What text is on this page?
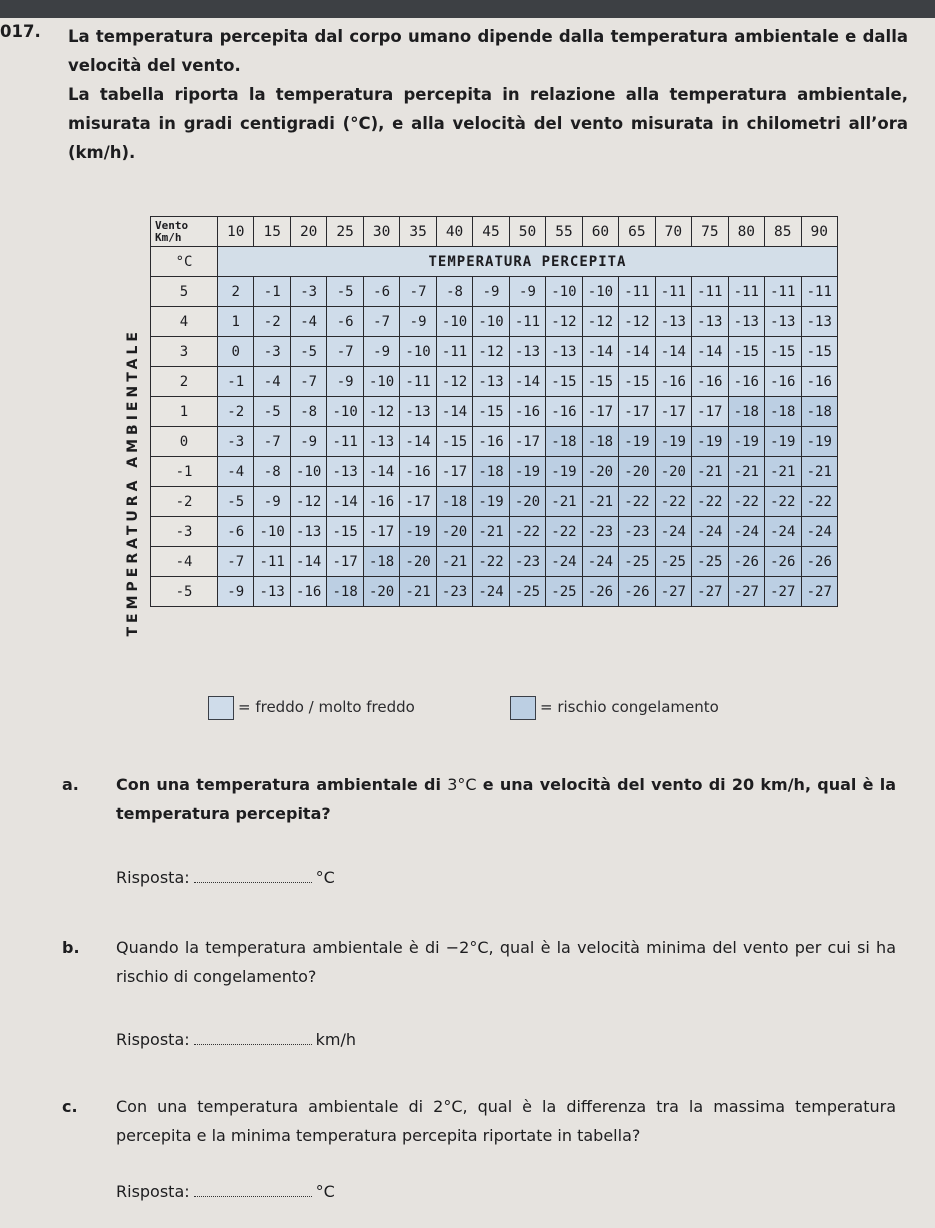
017. La temperatura percepita dal corpo umano dipende dalla temperatura ambientale e dalla velocità del vento.

La tabella riporta la temperatura percepita in relazione alla temperatura ambientale, misurata in gradi centigradi (°C), e alla velocità del vento misurata in chilometri all’ora (km/h).

TEMPERATURA AMBIENTALE
Vento Km/h	10	15	20	25	30	35	40	45	50	55	60	65	70	75	80	85	90
°C	TEMPERATURA PERCEPITA																
5	2	-1	-3	-5	-6	-7	-8	-9	-9	-10	-10	-11	-11	-11	-11	-11	-11
4	1	-2	-4	-6	-7	-9	-10	-10	-11	-12	-12	-12	-13	-13	-13	-13	-13
3	0	-3	-5	-7	-9	-10	-11	-12	-13	-13	-14	-14	-14	-14	-15	-15	-15
2	-1	-4	-7	-9	-10	-11	-12	-13	-14	-15	-15	-15	-16	-16	-16	-16	-16
1	-2	-5	-8	-10	-12	-13	-14	-15	-16	-16	-17	-17	-17	-17	-18	-18	-18
0	-3	-7	-9	-11	-13	-14	-15	-16	-17	-18	-18	-19	-19	-19	-19	-19	-19
-1	-4	-8	-10	-13	-14	-16	-17	-18	-19	-19	-20	-20	-20	-21	-21	-21	-21
-2	-5	-9	-12	-14	-16	-17	-18	-19	-20	-21	-21	-22	-22	-22	-22	-22	-22
-3	-6	-10	-13	-15	-17	-19	-20	-21	-22	-22	-23	-23	-24	-24	-24	-24	-24
-4	-7	-11	-14	-17	-18	-20	-21	-22	-23	-24	-24	-25	-25	-25	-26	-26	-26
-5	-9	-13	-16	-18	-20	-21	-23	-24	-25	-25	-26	-26	-27	-27	-27	-27	-27
= freddo / molto freddo	= rischio congelamento
a. Con una temperatura ambientale di 3°C e una velocità del vento di 20 km/h, qual è la temperatura percepita?
Risposta:	°C
b. Quando la temperatura ambientale è di −2°C, qual è la velocità minima del vento per cui si ha rischio di congelamento?
Risposta:	km/h
c. Con una temperatura ambientale di 2°C, qual è la differenza tra la massima temperatura percepita e la minima temperatura percepita riportate in tabella?
Risposta:	°C
